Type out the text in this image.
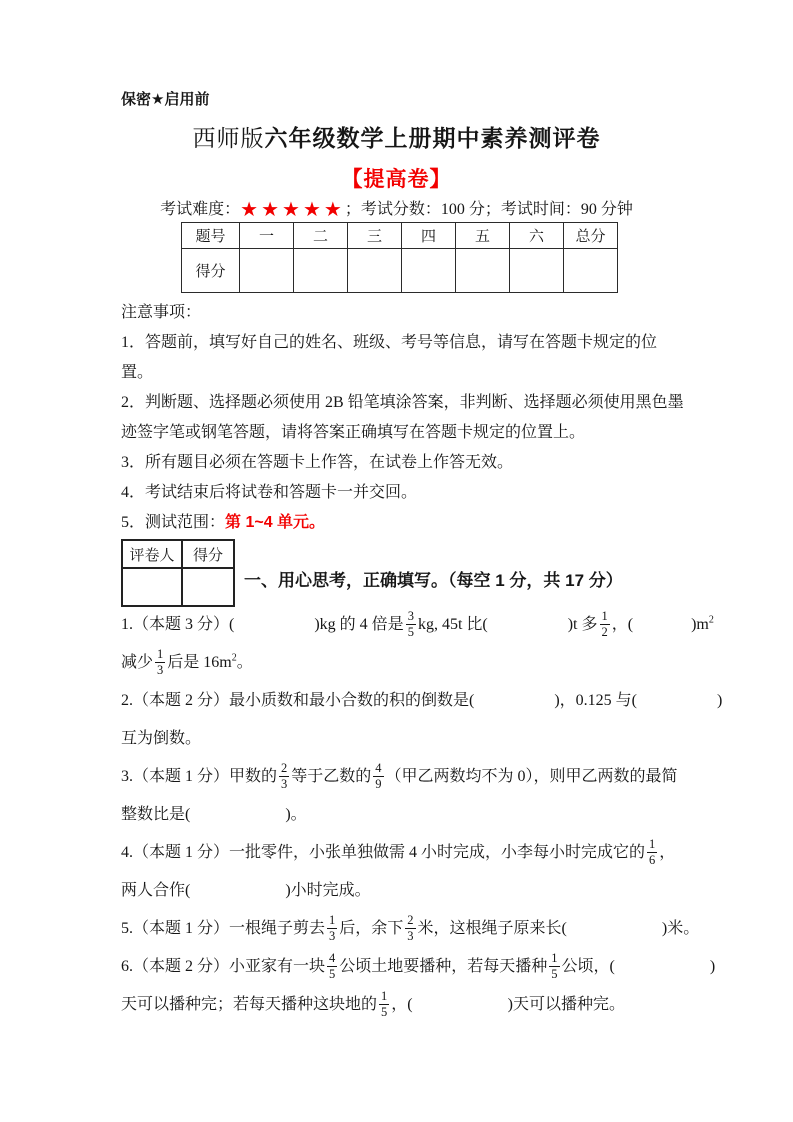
保密★启用前
西师版六年级数学上册期中素养测评卷
【提高卷】
考试难度：★★★★★；考试分数：100 分；考试时间：90 分钟
题号	一	二	三	四	五	六	总分
得分							

注意事项：

1．答题前，填写好自己的姓名、班级、考号等信息，请写在答题卡规定的位置。

2．判断题、选择题必须使用 2B 铅笔填涂答案，非判断、选择题必须使用黑色墨迹签字笔或钢笔答题，请将答案正确填写在答题卡规定的位置上。

3．所有题目必须在答题卡上作答，在试卷上作答无效。

4．考试结束后将试卷和答题卡一并交回。

5．测试范围：第 1~4 单元。

评卷人	得分

一、用心思考，正确填写。（每空 1 分，共 17 分）

1.（本题 3 分）(	)kg 的 4 倍是 $\frac{3}{5}$ kg, 45t 比(	)t 多 $\frac{1}{2}$ ，(	)$m^2$
减少 $\frac{1}{3}$ 后是 $16m^2$。

2.（本题 2 分）最小质数和最小合数的积的倒数是(	)，0.125 与(	)
互为倒数。

3.（本题 1 分）甲数的 $\frac{2}{3}$ 等于乙数的 $\frac{4}{9}$ （甲乙两数均不为 0），则甲乙两数的最简
整数比是(	)。

4.（本题 1 分）一批零件，小张单独做需 4 小时完成，小李每小时完成它的 $\frac{1}{6}$ ，
两人合作(	)小时完成。

5.（本题 1 分）一根绳子剪去 $\frac{1}{3}$ 后，余下 $\frac{2}{3}$ 米，这根绳子原来长(	)米。

6.（本题 2 分）小亚家有一块 $\frac{4}{5}$ 公顷土地要播种，若每天播种 $\frac{1}{5}$ 公顷，(	)
天可以播种完；若每天播种这块地的 $\frac{1}{5}$ ，(	)天可以播种完。
